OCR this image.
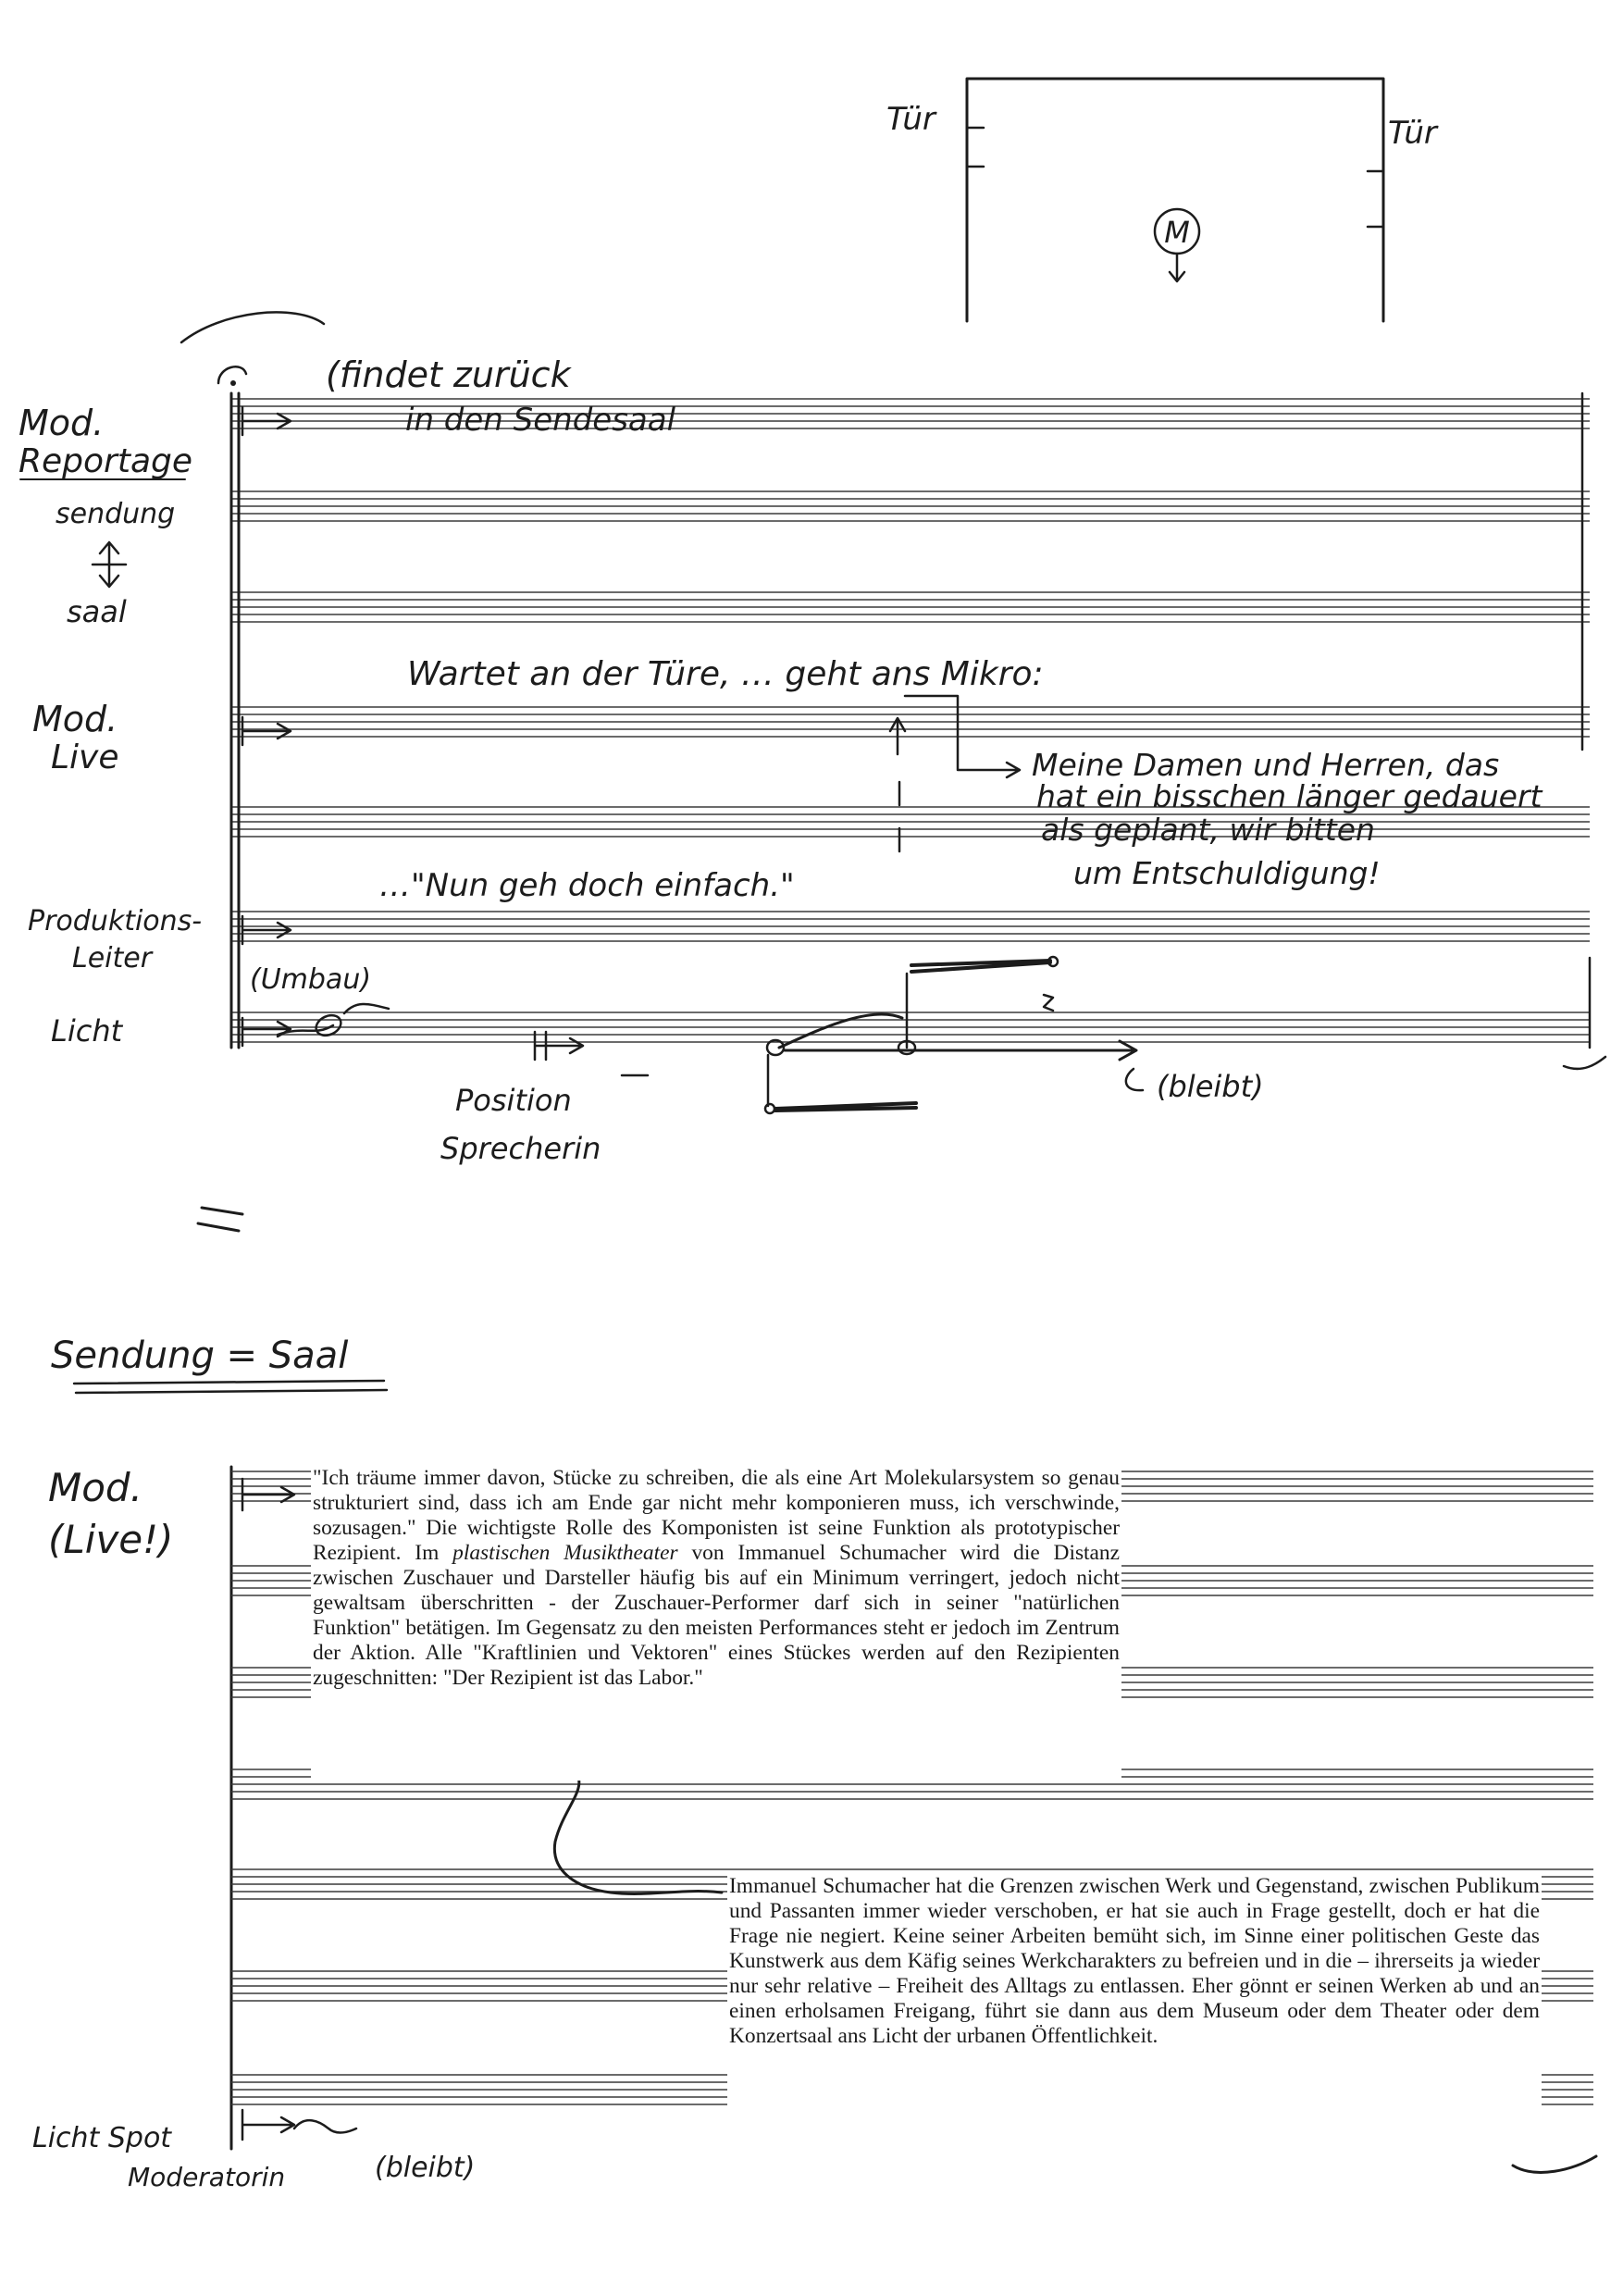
M
Tür	Tür
Mod.
Reportage
sendung
saal
Mod.
Live
Produktions-
Leiter
Licht
(findet zurück
in den Sendesaal
Wartet an der Türe, … geht ans Mikro:
Meine Damen und Herren, das
hat ein bisschen länger gedauert
als geplant, wir bitten
um Entschuldigung!
…"Nun geh doch einfach."
(Umbau)
Position
Sprecherin
(bleibt)
Sendung = Saal
Mod.
(Live!)
Licht Spot
Moderatorin	(bleibt)
"Ich träume immer davon, Stücke zu schreiben, die als eine Art Molekularsystem so genau strukturiert sind, dass ich am Ende gar nicht mehr komponieren muss, ich verschwinde, sozusagen." Die wichtigste Rolle des Komponisten ist seine Funktion als prototypischer Rezipient. Im plastischen Musiktheater von Immanuel Schumacher wird die Distanz zwischen Zuschauer und Darsteller häufig bis auf ein Minimum verringert, jedoch nicht gewaltsam überschritten - der Zuschauer-Performer darf sich in seiner "natürlichen Funktion" betätigen. Im Gegensatz zu den meisten Performances steht er jedoch im Zentrum der Aktion. Alle "Kraftlinien und Vektoren" eines Stückes werden auf den Rezipienten zugeschnitten: "Der Rezipient ist das Labor."
Immanuel Schumacher hat die Grenzen zwischen Werk und Gegenstand, zwischen Publikum und Passanten immer wieder verschoben, er hat sie auch in Frage gestellt, doch er hat die Frage nie negiert. Keine seiner Arbeiten bemüht sich, im Sinne einer politischen Geste das Kunstwerk aus dem Käfig seines Werkcharakters zu befreien und in die – ihrerseits ja wieder nur sehr relative – Freiheit des Alltags zu entlassen. Eher gönnt er seinen Werken ab und an einen erholsamen Freigang, führt sie dann aus dem Museum oder dem Theater oder dem Konzertsaal ans Licht der urbanen Öffentlichkeit.
